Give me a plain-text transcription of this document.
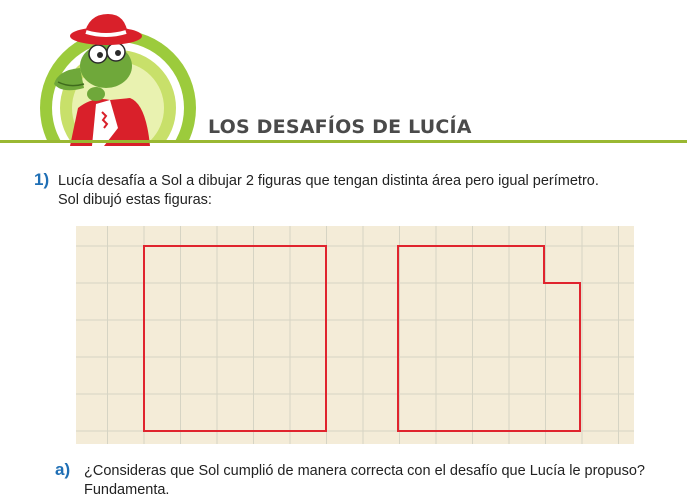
LOS DESAFÍOS DE LUCÍA
1) Lucía desafía a Sol a dibujar 2 figuras que tengan distinta área pero igual perímetro.
Sol dibujó estas figuras:
a) ¿Consideras que Sol cumplió de manera correcta con el desafío que Lucía le propuso?
Fundamenta.
